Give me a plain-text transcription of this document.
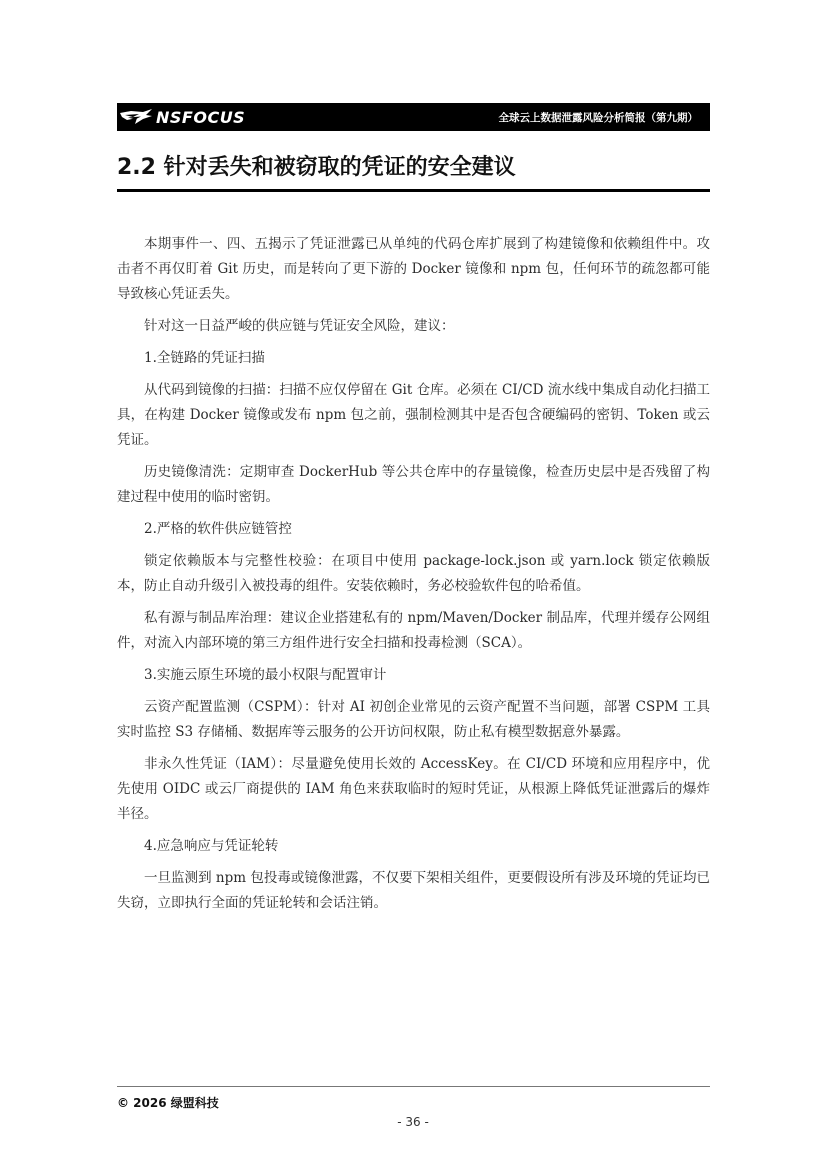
NSFOCUS	全球云上数据泄露风险分析简报（第九期）
2.2 针对丢失和被窃取的凭证的安全建议

本期事件一、四、五揭示了凭证泄露已从单纯的代码仓库扩展到了构建镜像和依赖组件中。攻击者不再仅盯着 Git 历史，而是转向了更下游的 Docker 镜像和 npm 包，任何环节的疏忽都可能导致核心凭证丢失。

针对这一日益严峻的供应链与凭证安全风险，建议：

1.全链路的凭证扫描

从代码到镜像的扫描：扫描不应仅停留在 Git 仓库。必须在 CI/CD 流水线中集成自动化扫描工具，在构建 Docker 镜像或发布 npm 包之前，强制检测其中是否包含硬编码的密钥、Token 或云凭证。

历史镜像清洗：定期审查 DockerHub 等公共仓库中的存量镜像，检查历史层中是否残留了构建过程中使用的临时密钥。

2.严格的软件供应链管控

锁定依赖版本与完整性校验：在项目中使用 package-lock.json 或 yarn.lock 锁定依赖版本，防止自动升级引入被投毒的组件。安装依赖时，务必校验软件包的哈希值。

私有源与制品库治理：建议企业搭建私有的 npm/Maven/Docker 制品库，代理并缓存公网组件，对流入内部环境的第三方组件进行安全扫描和投毒检测（SCA）。

3.实施云原生环境的最小权限与配置审计

云资产配置监测（CSPM）：针对 AI 初创企业常见的云资产配置不当问题，部署 CSPM 工具实时监控 S3 存储桶、数据库等云服务的公开访问权限，防止私有模型数据意外暴露。

非永久性凭证（IAM）：尽量避免使用长效的 AccessKey。在 CI/CD 环境和应用程序中，优先使用 OIDC 或云厂商提供的 IAM 角色来获取临时的短时凭证，从根源上降低凭证泄露后的爆炸半径。

4.应急响应与凭证轮转

一旦监测到 npm 包投毒或镜像泄露，不仅要下架相关组件，更要假设所有涉及环境的凭证均已失窃，立即执行全面的凭证轮转和会话注销。

© 2026 绿盟科技
- 36 -
